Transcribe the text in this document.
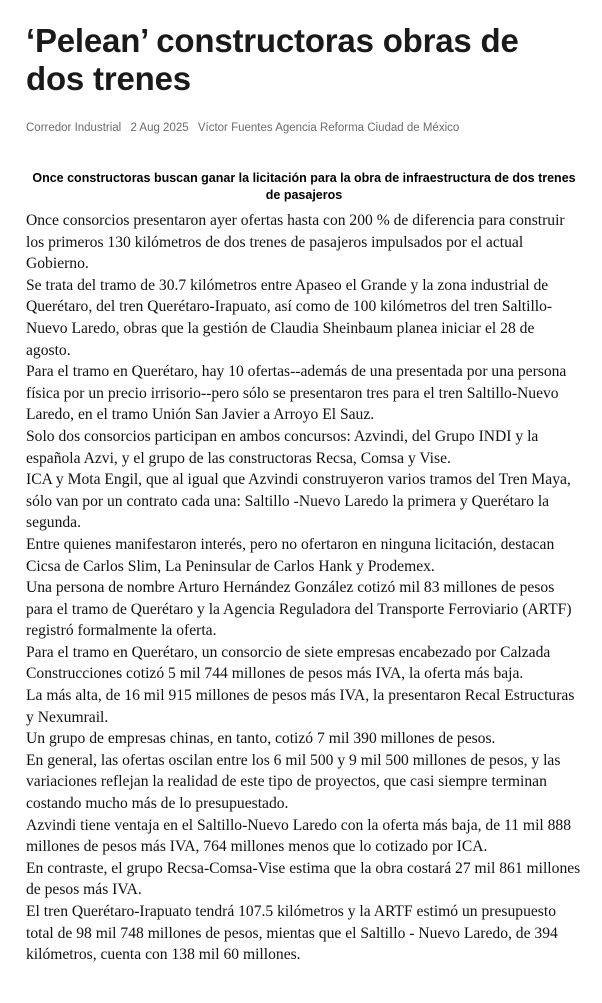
‘Pelean’ constructoras obras de dos trenes
Corredor Industrial 2 Aug 2025 Víctor Fuentes Agencia Reforma Ciudad de México
Once constructoras buscan ganar la licitación para la obra de infraestructura de dos trenes de pasajeros

Once consorcios presentaron ayer ofertas hasta con 200 % de diferencia para construir los primeros 130 kilómetros de dos trenes de pasajeros impulsados por el actual Gobierno.

Se trata del tramo de 30.7 kilómetros entre Apaseo el Grande y la zona industrial de Querétaro, del tren Querétaro-Irapuato, así como de 100 kilómetros del tren Saltillo-Nuevo Laredo, obras que la gestión de Claudia Sheinbaum planea iniciar el 28 de agosto.

Para el tramo en Querétaro, hay 10 ofertas--además de una presentada por una persona física por un precio irrisorio--pero sólo se presentaron tres para el tren Saltillo-Nuevo Laredo, en el tramo Unión San Javier a Arroyo El Sauz.

Solo dos consorcios participan en ambos concursos: Azvindi, del Grupo INDI y la española Azvi, y el grupo de las constructoras Recsa, Comsa y Vise.

ICA y Mota Engil, que al igual que Azvindi construyeron varios tramos del Tren Maya, sólo van por un contrato cada una: Saltillo -Nuevo Laredo la primera y Querétaro la segunda.

Entre quienes manifestaron interés, pero no ofertaron en ninguna licitación, destacan Cicsa de Carlos Slim, La Peninsular de Carlos Hank y Prodemex.

Una persona de nombre Arturo Hernández González cotizó mil 83 millones de pesos para el tramo de Querétaro y la Agencia Reguladora del Transporte Ferroviario (ARTF) registró formalmente la oferta.

Para el tramo en Querétaro, un consorcio de siete empresas encabezado por Calzada Construcciones cotizó 5 mil 744 millones de pesos más IVA, la oferta más baja.

La más alta, de 16 mil 915 millones de pesos más IVA, la presentaron Recal Estructuras y Nexumrail.

Un grupo de empresas chinas, en tanto, cotizó 7 mil 390 millones de pesos.

En general, las ofertas oscilan entre los 6 mil 500 y 9 mil 500 millones de pesos, y las variaciones reflejan la realidad de este tipo de proyectos, que casi siempre terminan costando mucho más de lo presupuestado.

Azvindi tiene ventaja en el Saltillo-Nuevo Laredo con la oferta más baja, de 11 mil 888 millones de pesos más IVA, 764 millones menos que lo cotizado por ICA.

En contraste, el grupo Recsa-Comsa-Vise estima que la obra costará 27 mil 861 millones de pesos más IVA.

El tren Querétaro-Irapuato tendrá 107.5 kilómetros y la ARTF estimó un presupuesto total de 98 mil 748 millones de pesos, mientas que el Saltillo - Nuevo Laredo, de 394 kilómetros, cuenta con 138 mil 60 millones.
